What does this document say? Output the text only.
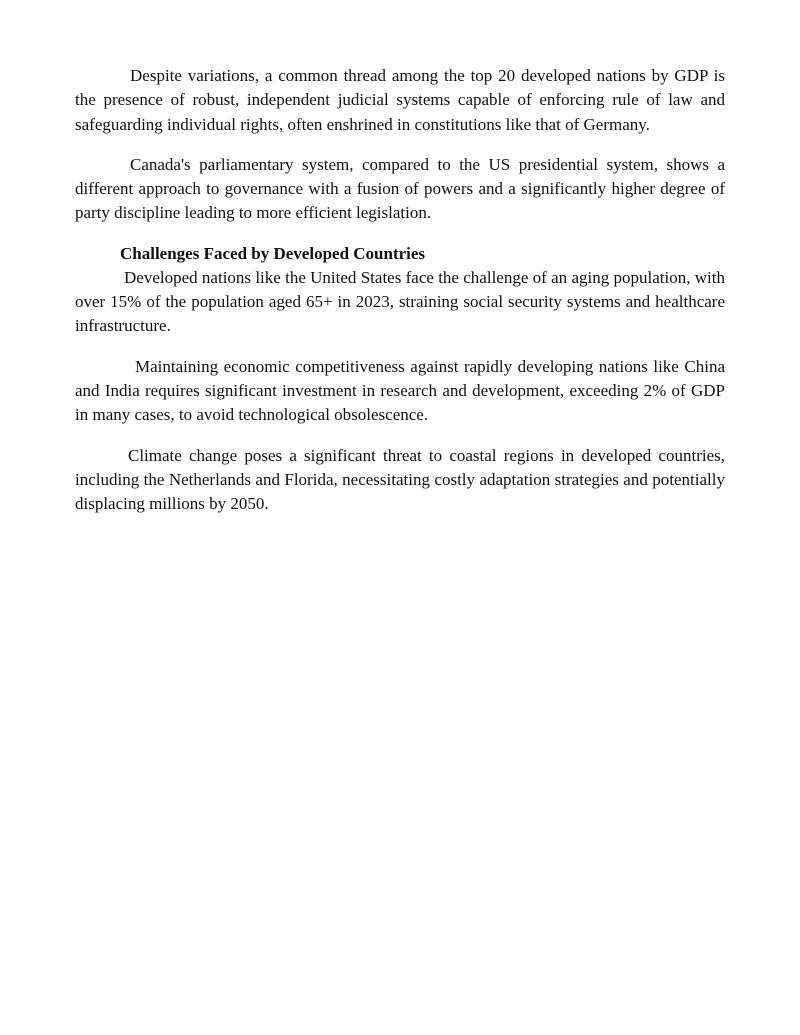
Despite variations, a common thread among the top 20 developed nations by GDP is the presence of robust, independent judicial systems capable of enforcing rule of law and safeguarding individual rights, often enshrined in constitutions like that of Germany.

Canada's parliamentary system, compared to the US presidential system, shows a different approach to governance with a fusion of powers and a significantly higher degree of party discipline leading to more efficient legislation.

Challenges Faced by Developed Countries

Developed nations like the United States face the challenge of an aging population, with over 15% of the population aged 65+ in 2023, straining social security systems and healthcare infrastructure.

Maintaining economic competitiveness against rapidly developing nations like China and India requires significant investment in research and development, exceeding 2% of GDP in many cases, to avoid technological obsolescence.

Climate change poses a significant threat to coastal regions in developed countries, including the Netherlands and Florida, necessitating costly adaptation strategies and potentially displacing millions by 2050.
